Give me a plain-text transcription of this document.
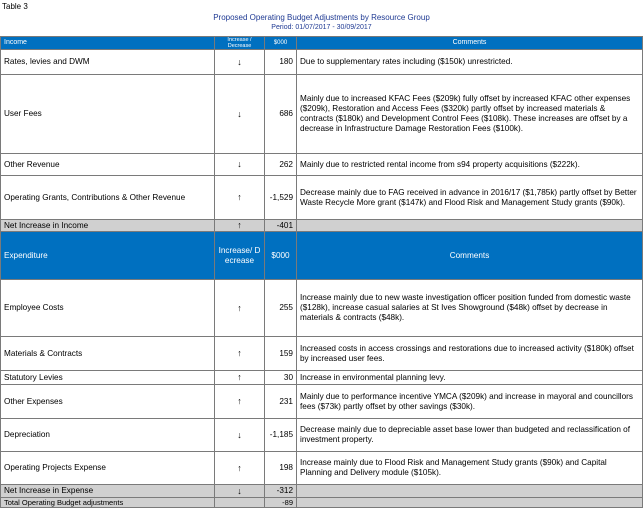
Table 3
Proposed Operating Budget Adjustments by Resource Group
Period: 01/07/2017 - 30/09/2017
Income	Increase / Decrease	$000	Comments
Rates, levies and DWM	↓	180	Due to supplementary rates including ($150k) unrestricted.
User Fees	↓	686	Mainly due to increased KFAC Fees ($209k) fully offset by increased KFAC other expenses ($209k), Restoration and Access Fees ($320k) partly offset by increased materials & contracts ($180k) and Development Control Fees ($108k). These increases are offset by a decrease in Infrastructure Damage Restoration Fees ($100k).
Other Revenue	↓	262	Mainly due to restricted rental income from s94 property acquisitions ($222k).
Operating Grants, Contributions & Other Revenue	↑	-1,529	Decrease mainly due to FAG received in advance in 2016/17 ($1,785k) partly offset by Better Waste Recycle More grant ($147k) and Flood Risk and Management Study grants ($90k).
Net Increase in Income	↑	-401	
Expenditure	Increase/ Decrease	$000	Comments
Employee Costs	↑	255	Increase mainly due to new waste investigation officer position funded from domestic waste ($128k), increase casual salaries at St Ives Showground ($48k) offset by decrease in materials & contracts ($48k).
Materials & Contracts	↑	159	Increased costs in access crossings and restorations due to increased activity ($180k) offset by increased user fees.
Statutory Levies	↑	30	Increase in environmental planning levy.
Other Expenses	↑	231	Mainly due to performance incentive YMCA ($209k) and increase in mayoral and councillors fees ($73k) partly offset by other savings ($30k).
Depreciation	↓	-1,185	Decrease mainly due to depreciable asset base lower than budgeted and reclassification of investment property.
Operating Projects Expense	↑	198	Increase mainly due to Flood Risk and Management Study grants ($90k) and Capital Planning and Delivery module ($105k).
Net Increase in Expense	↓	-312	
Total Operating Budget adjustments		-89	
